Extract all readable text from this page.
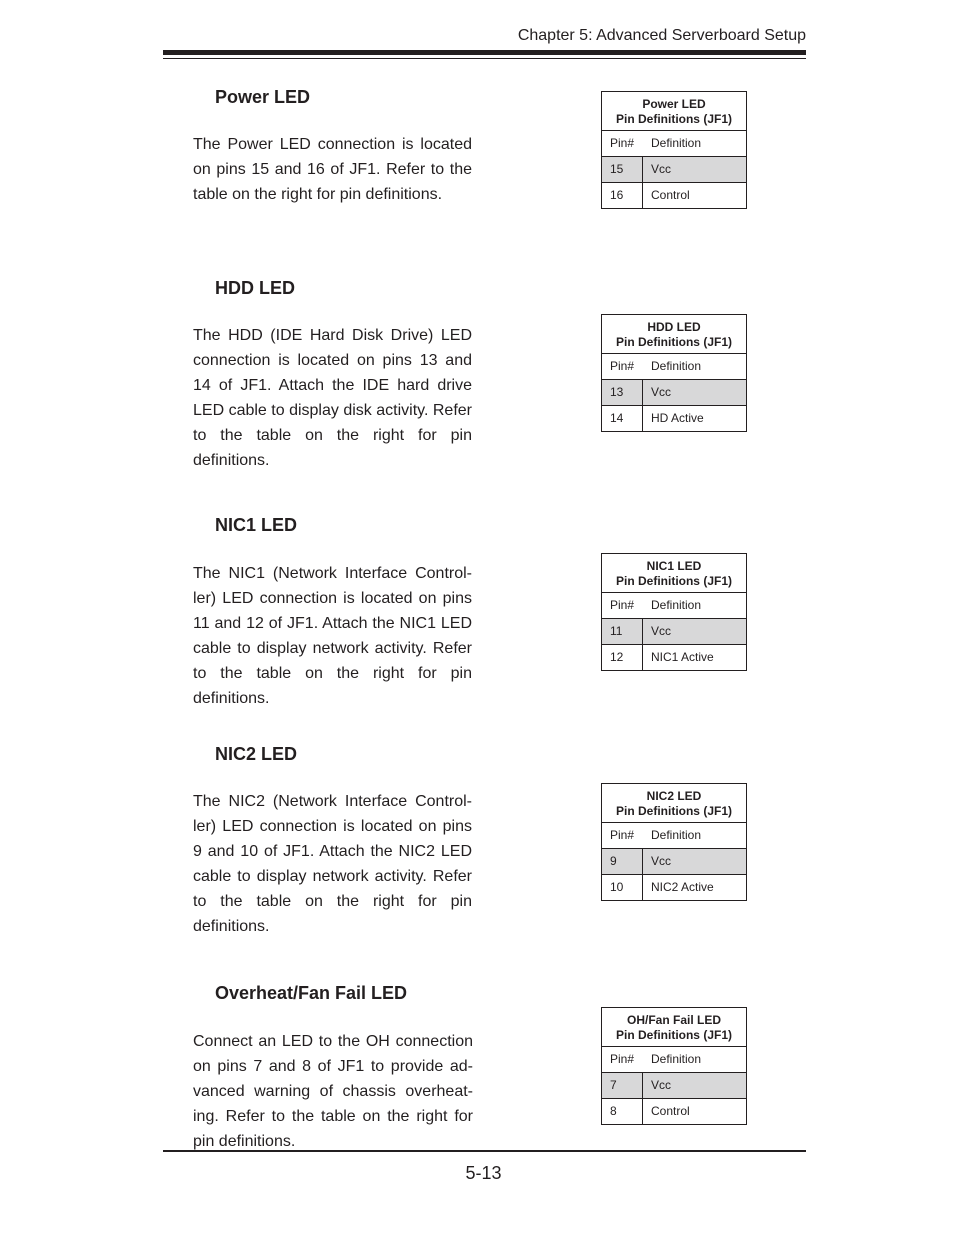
Chapter 5: Advanced Serverboard Setup
Power LED
The Power LED connection is located on pins 15 and 16 of JF1. Refer to the table on the right for pin definitions.
Power LED
Pin Definitions (JF1)
Pin#	Definition
15	Vcc
16	Control
HDD LED
The HDD (IDE Hard Disk Drive) LED connection is located on pins 13 and 14 of JF1. Attach the IDE hard drive LED cable to display disk activity. Refer to the table on the right for pin definitions.
HDD LED
Pin Definitions (JF1)
Pin#	Definition
13	Vcc
14	HD Active
NIC1 LED
The NIC1 (Network Interface Controller) LED connection is located on pins 11 and 12 of JF1. Attach the NIC1 LED cable to display network activity. Refer to the table on the right for pin definitions.
NIC1 LED
Pin Definitions (JF1)
Pin#	Definition
11	Vcc
12	NIC1 Active
NIC2 LED
The NIC2 (Network Interface Controller) LED connection is located on pins 9 and 10 of JF1. Attach the NIC2 LED cable to display network activity. Refer to the table on the right for pin definitions.
NIC2 LED
Pin Definitions (JF1)
Pin#	Definition
9	Vcc
10	NIC2 Active
Overheat/Fan Fail LED
Connect an LED to the OH connection on pins 7 and 8 of JF1 to provide advanced warning of chassis overheating. Refer to the table on the right for pin definitions.
OH/Fan Fail LED
Pin Definitions (JF1)
Pin#	Definition
7	Vcc
8	Control
5-13
